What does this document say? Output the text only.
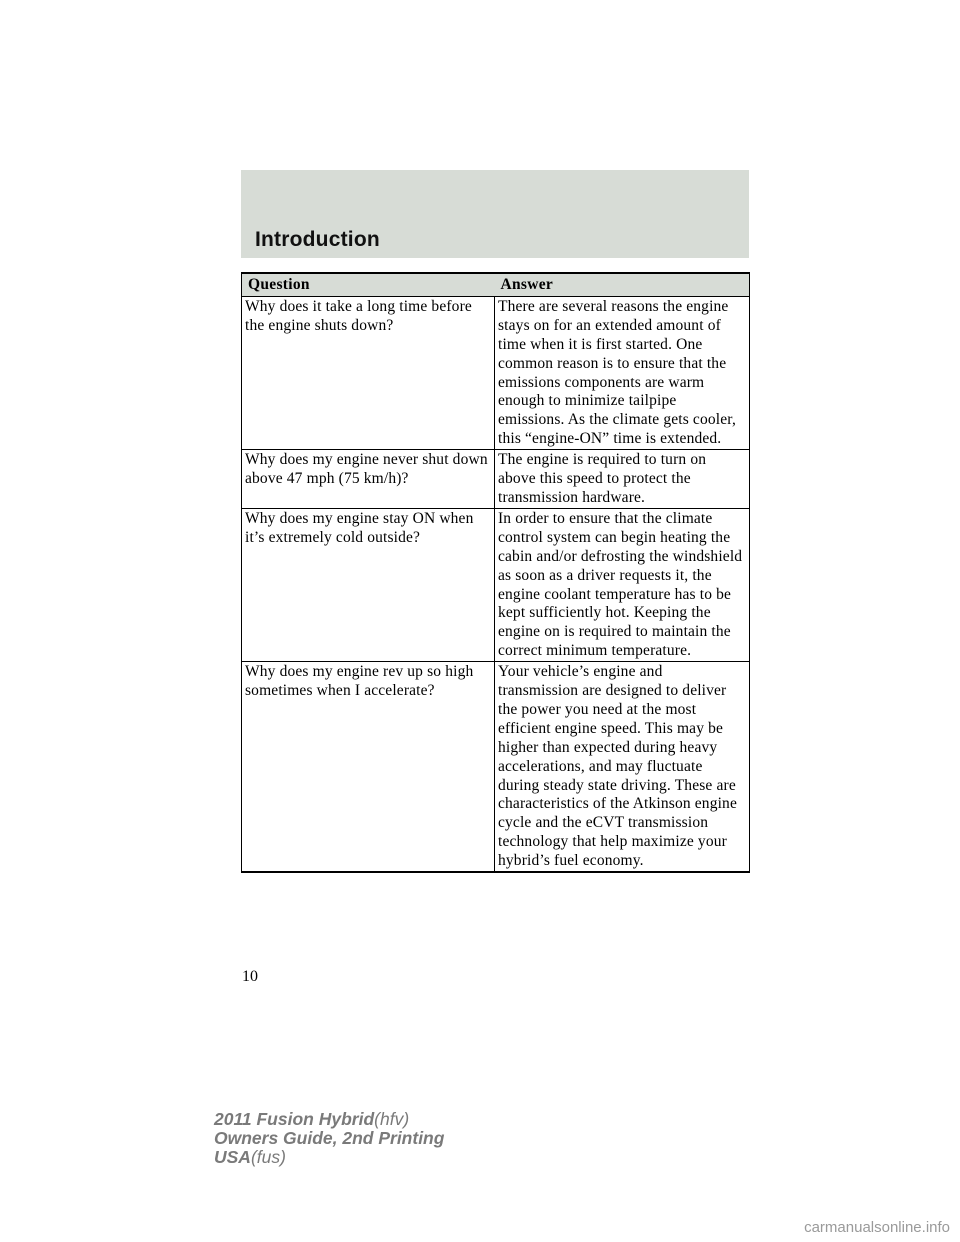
Introduction
Question	Answer
Why does it take a long time before the engine shuts down?	There are several reasons the engine stays on for an extended amount of time when it is first started. One common reason is to ensure that the emissions components are warm enough to minimize tailpipe emissions. As the climate gets cooler, this “engine-ON” time is extended.
Why does my engine never shut down above 47 mph (75 km/h)?	The engine is required to turn on above this speed to protect the transmission hardware.
Why does my engine stay ON when it’s extremely cold outside?	In order to ensure that the climate control system can begin heating the cabin and/or defrosting the windshield as soon as a driver requests it, the engine coolant temperature has to be kept sufficiently hot. Keeping the engine on is required to maintain the correct minimum temperature.
Why does my engine rev up so high sometimes when I accelerate?	Your vehicle’s engine and transmission are designed to deliver the power you need at the most efficient engine speed. This may be higher than expected during heavy accelerations, and may fluctuate during steady state driving. These are characteristics of the Atkinson engine cycle and the eCVT transmission technology that help maximize your hybrid’s fuel economy.
10
2011 Fusion Hybrid(hfv)
Owners Guide, 2nd Printing
USA(fus)
carmanualsonline.info
